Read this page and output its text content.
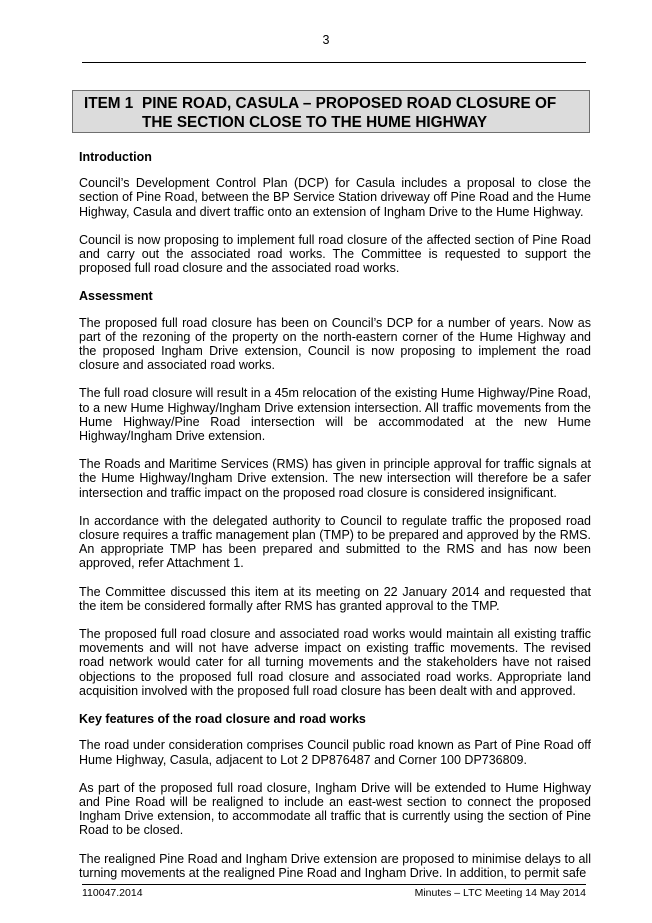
3
ITEM 1 PINE ROAD, CASULA – PROPOSED ROAD CLOSURE OF THE SECTION CLOSE TO THE HUME HIGHWAY
Introduction

Council’s Development Control Plan (DCP) for Casula includes a proposal to close the section of Pine Road, between the BP Service Station driveway off Pine Road and the Hume Highway, Casula and divert traffic onto an extension of Ingham Drive to the Hume Highway.

Council is now proposing to implement full road closure of the affected section of Pine Road and carry out the associated road works. The Committee is requested to support the proposed full road closure and the associated road works.

Assessment

The proposed full road closure has been on Council’s DCP for a number of years. Now as part of the rezoning of the property on the north-eastern corner of the Hume Highway and the proposed Ingham Drive extension, Council is now proposing to implement the road closure and associated road works.

The full road closure will result in a 45m relocation of the existing Hume Highway/Pine Road, to a new Hume Highway/Ingham Drive extension intersection. All traffic movements from the Hume Highway/Pine Road intersection will be accommodated at the new Hume Highway/Ingham Drive extension.

The Roads and Maritime Services (RMS) has given in principle approval for traffic signals at the Hume Highway/Ingham Drive extension. The new intersection will therefore be a safer intersection and traffic impact on the proposed road closure is considered insignificant.

In accordance with the delegated authority to Council to regulate traffic the proposed road closure requires a traffic management plan (TMP) to be prepared and approved by the RMS. An appropriate TMP has been prepared and submitted to the RMS and has now been approved, refer Attachment 1.

The Committee discussed this item at its meeting on 22 January 2014 and requested that the item be considered formally after RMS has granted approval to the TMP.

The proposed full road closure and associated road works would maintain all existing traffic movements and will not have adverse impact on existing traffic movements. The revised road network would cater for all turning movements and the stakeholders have not raised objections to the proposed full road closure and associated road works. Appropriate land acquisition involved with the proposed full road closure has been dealt with and approved.

Key features of the road closure and road works

The road under consideration comprises Council public road known as Part of Pine Road off Hume Highway, Casula, adjacent to Lot 2 DP876487 and Corner 100 DP736809.

As part of the proposed full road closure, Ingham Drive will be extended to Hume Highway and Pine Road will be realigned to include an east-west section to connect the proposed Ingham Drive extension, to accommodate all traffic that is currently using the section of Pine Road to be closed.

The realigned Pine Road and Ingham Drive extension are proposed to minimise delays to all turning movements at the realigned Pine Road and Ingham Drive. In addition, to permit safe

110047.2014	Minutes – LTC Meeting 14 May 2014
